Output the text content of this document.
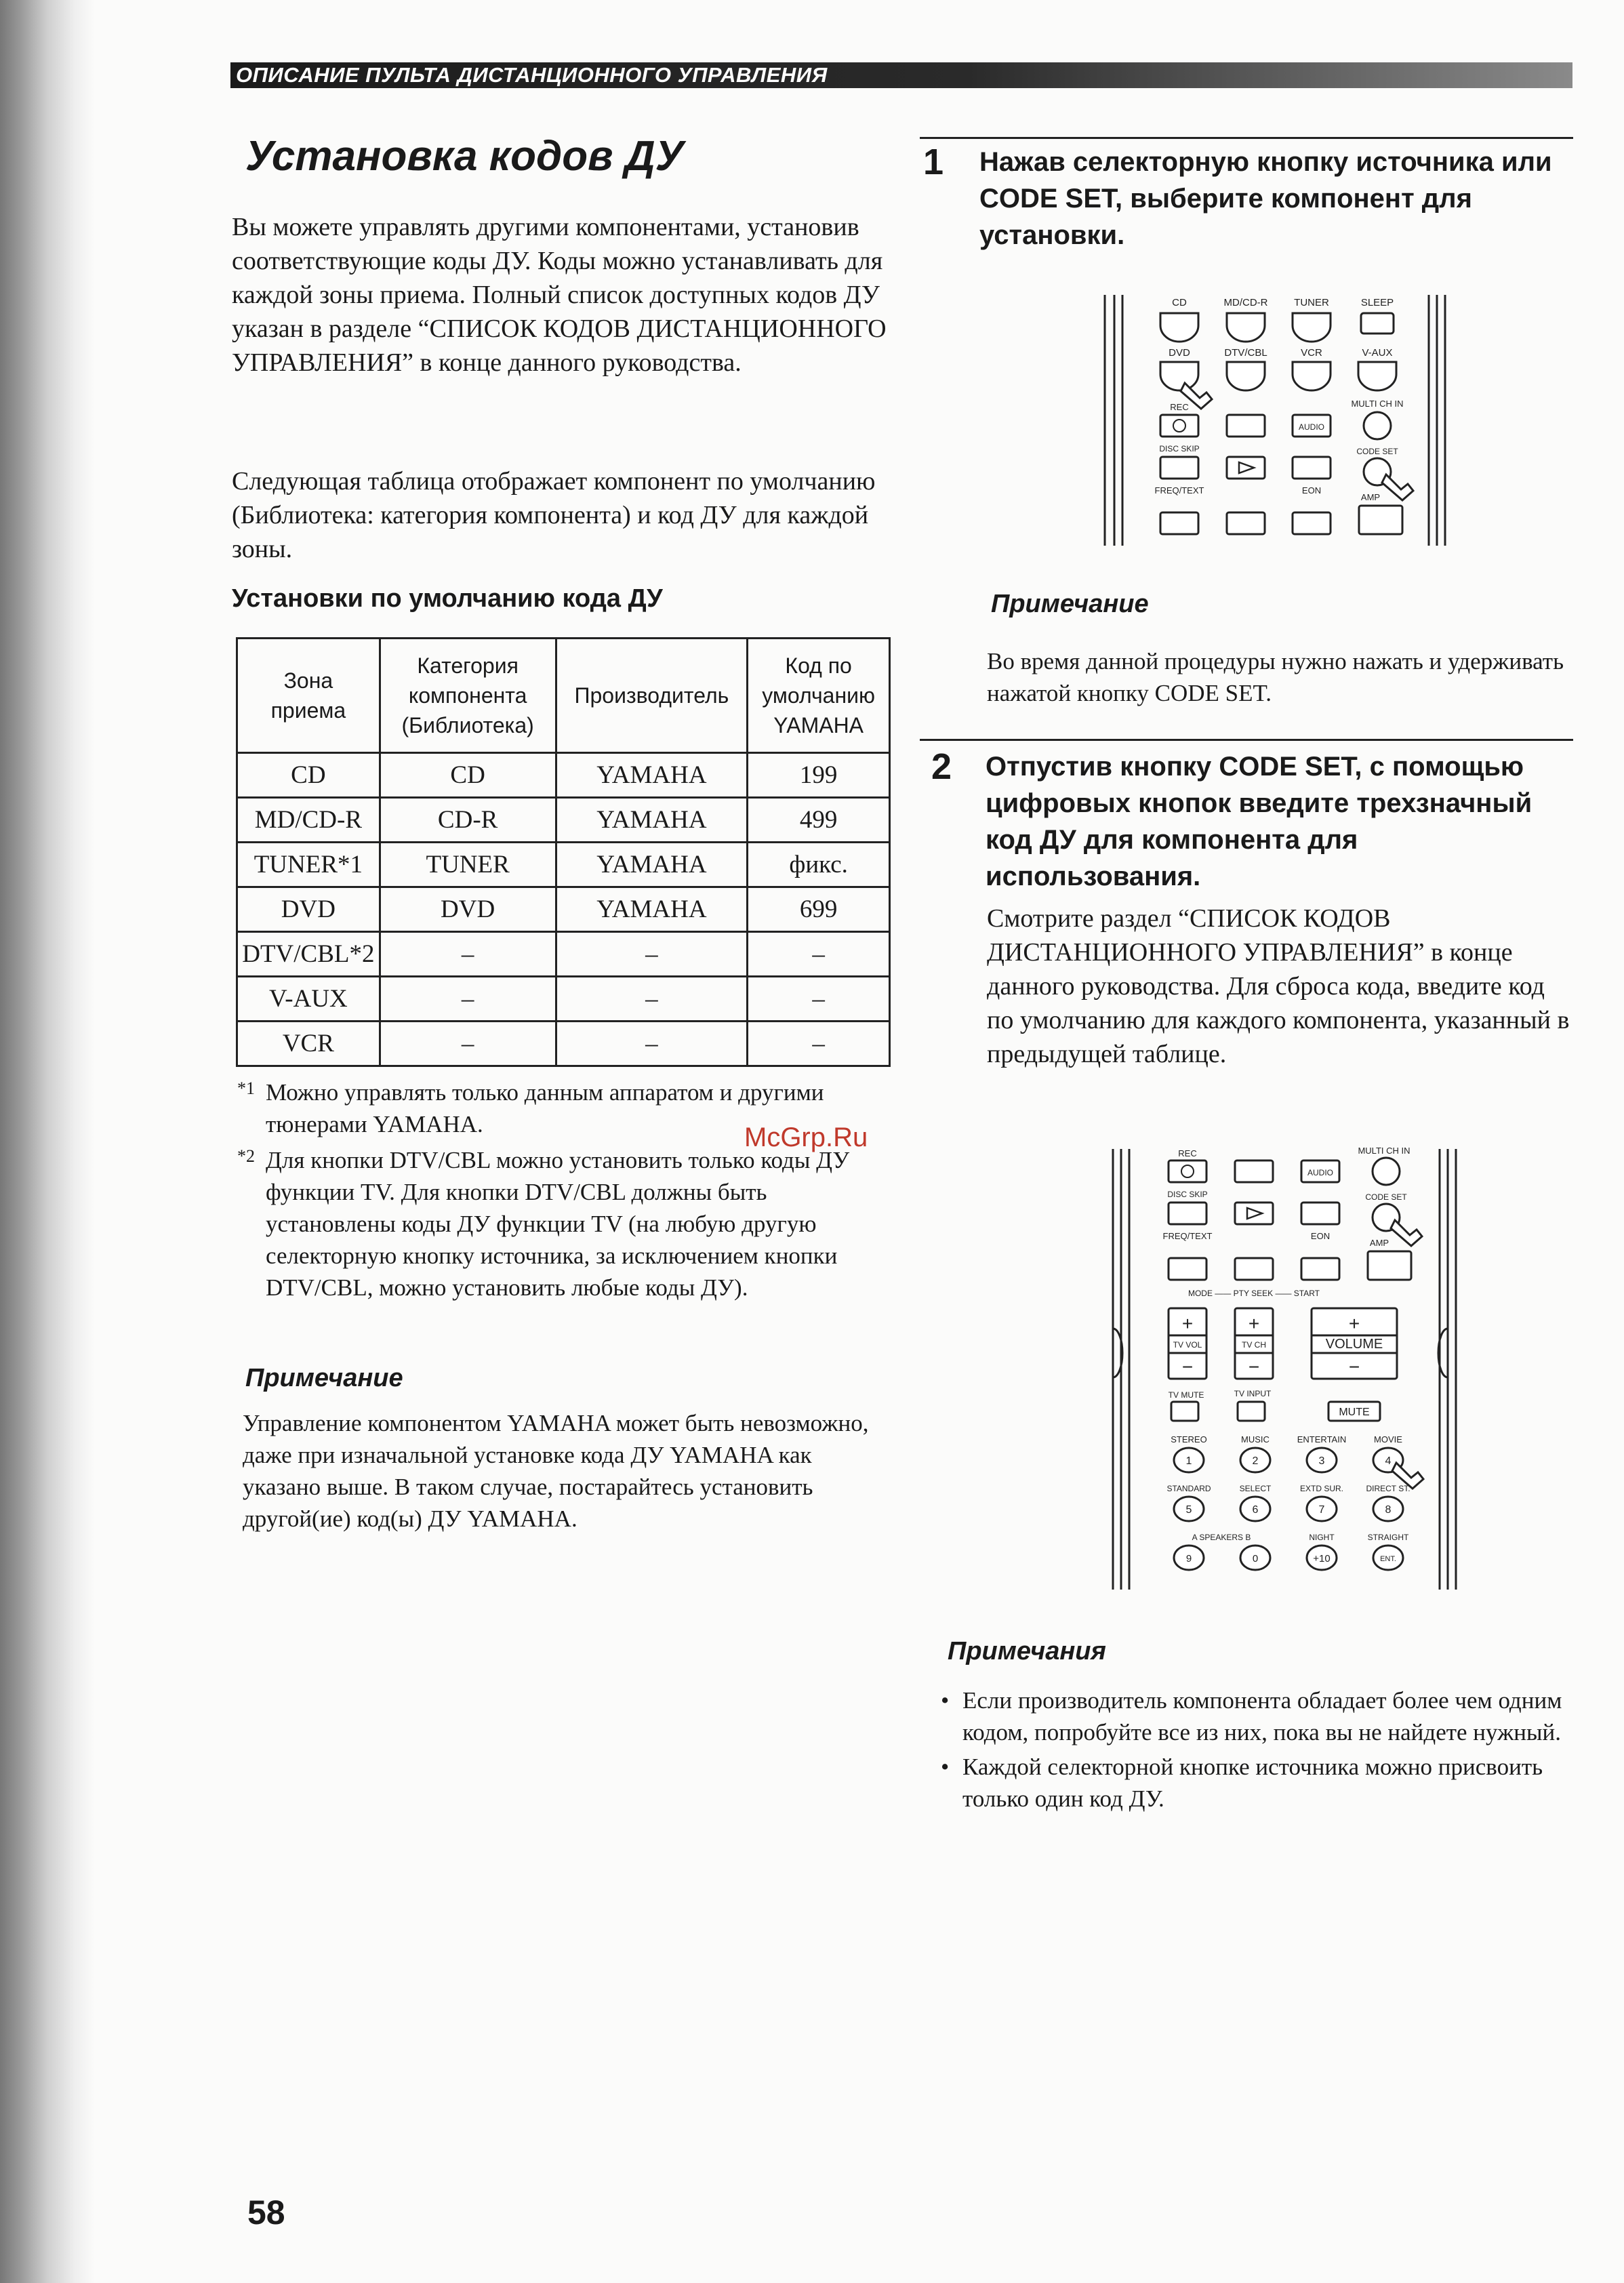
ОПИСАНИЕ ПУЛЬТА ДИСТАНЦИОННОГО УПРАВЛЕНИЯ
Установка кодов ДУ
Вы можете управлять другими компонентами, установив соответствующие коды ДУ. Коды можно устанавливать для каждой зоны приема. Полный список доступных кодов ДУ указан в разделе “СПИСОК КОДОВ ДИСТАНЦИОННОГО УПРАВЛЕНИЯ” в конце данного руководства.
Следующая таблица отображает компонент по умолчанию (Библиотека: категория компонента) и код ДУ для каждой зоны.
Установки по умолчанию кода ДУ
Зона приема	Категория компонента (Библиотека)	Производитель	Код по умолчанию YAMAHA
CD	CD	YAMAHA	199
MD/CD-R	CD-R	YAMAHA	499
TUNER*1	TUNER	YAMAHA	фикс.
DVD	DVD	YAMAHA	699
DTV/CBL*2	–	–	–
V-AUX	–	–	–
VCR	–	–	–
*1 Можно управлять только данным аппаратом и другими тюнерами YAMAHA.
*2 Для кнопки DTV/CBL можно установить только коды ДУ функции TV. Для кнопки DTV/CBL должны быть установлены коды ДУ функции TV (на любую другую селекторную кнопку источника, за исключением кнопки DTV/CBL, можно установить любые коды ДУ).
McGrp.Ru
Примечание
Управление компонентом YAMAHA может быть невозможно, даже при изначальной установке кода ДУ YAMAHA как указано выше. В таком случае, постарайтесь установить другой(ие) код(ы) ДУ YAMAHA.
1 Нажав селекторную кнопку источника или CODE SET, выберите компонент для установки.
CD	MD/CD-R	TUNER	SLEEP
DVD	DTV/CBL	VCR	V-AUX
REC	MULTI CH IN
AUDIO
DISC SKIP	CODE SET
FREQ/TEXT	EON
AMP
Примечание
Во время данной процедуры нужно нажать и удерживать нажатой кнопку CODE SET.
2 Отпустив кнопку CODE SET, с помощью цифровых кнопок введите трехзначный код ДУ для компонента для использования.
Смотрите раздел “СПИСОК КОДОВ ДИСТАНЦИОННОГО УПРАВЛЕНИЯ” в конце данного руководства. Для сброса кода, введите код по умолчанию для каждого компонента, указанный в предыдущей таблице.
REC	MULTI CH IN
AUDIO
DISC SKIP	CODE SET
FREQ/TEXT	EON
AMP
MODE —— PTY SEEK —— START
+	+	+
−	−	−
TV VOL	TV CH	VOLUME
TV MUTE	TV INPUT
MUTE
STEREO	MUSIC	ENTERTAIN	MOVIE
1	2	3	4
STANDARD	SELECT	EXTD SUR.	DIRECT ST.
5	6	7	8
A SPEAKERS B	NIGHT	STRAIGHT
9	0	+10	ENT.
Примечания
• Если производитель компонента обладает более чем одним кодом, попробуйте все из них, пока вы не найдете нужный.
• Каждой селекторной кнопке источника можно присвоить только один код ДУ.
58
